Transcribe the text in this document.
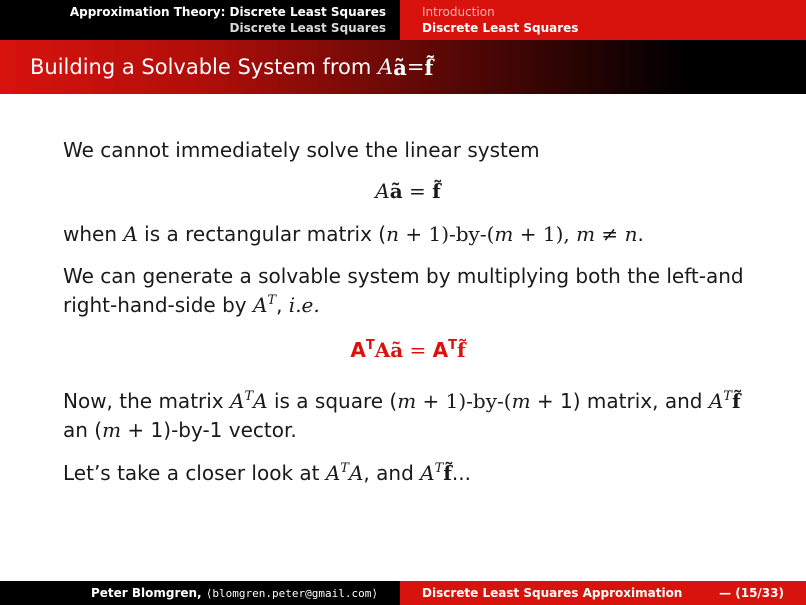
Approximation Theory: Discrete Least Squares
Discrete Least Squares
Introduction
Discrete Least Squares
Building a Solvable System from
A ã = f̃

We cannot immediately solve the linear system

Aã = f̃

when A is a rectangular matrix (n + 1)-by-(m + 1), m ≠ n.

We can generate a solvable system by multiplying both the left-and right-hand-side by $A^T$, i.e.

$A^TAã$ = $A^Tf̃$

Now, the matrix $A^TA$ is a square (m + 1)-by-(m + 1) matrix, and $A^Tf̃$ an (m + 1)-by-1 vector.

Let’s take a closer look at $A^TA$, and $A^Tf̃$...

Peter Blomgren,
⟨blomgren.peter@gmail.com⟩	Discrete Least Squares Approximation	— (15/33)
